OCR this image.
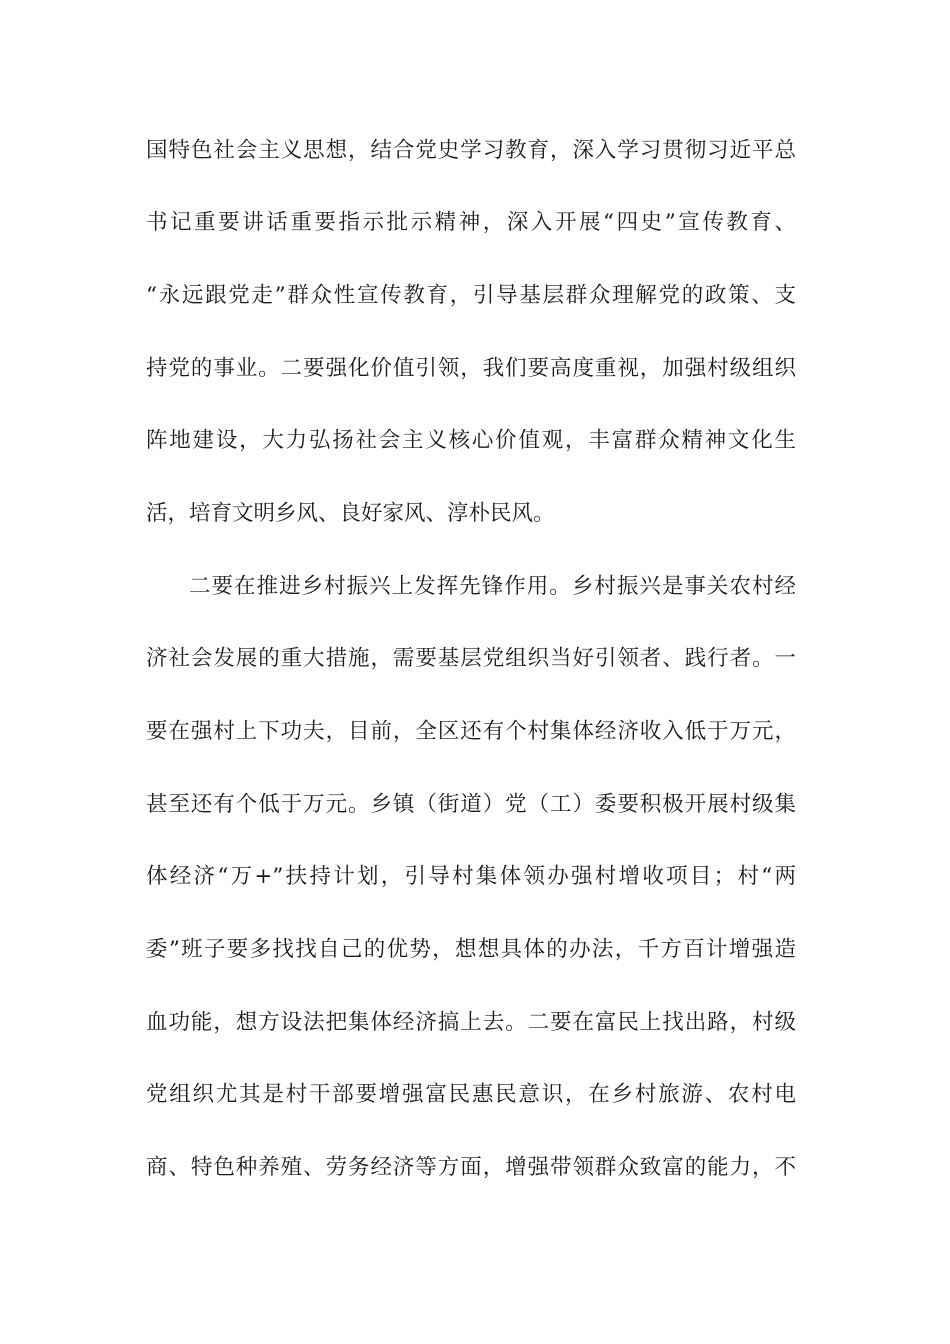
国特色社会主义思想，结合党史学习教育，深入学习贯彻习近平总
书记重要讲话重要指示批示精神，深入开展“四史”宣传教育、
“永远跟党走”群众性宣传教育，引导基层群众理解党的政策、支
持党的事业。二要强化价值引领，我们要高度重视，加强村级组织
阵地建设，大力弘扬社会主义核心价值观，丰富群众精神文化生
活，培育文明乡风、良好家风、淳朴民风。
二要在推进乡村振兴上发挥先锋作用。乡村振兴是事关农村经
济社会发展的重大措施，需要基层党组织当好引领者、践行者。一
要在强村上下功夫，目前，全区还有个村集体经济收入低于万元，
甚至还有个低于万元。乡镇（街道）党（工）委要积极开展村级集
体经济“万+”扶持计划，引导村集体领办强村增收项目；村“两
委”班子要多找找自己的优势，想想具体的办法，千方百计增强造
血功能，想方设法把集体经济搞上去。二要在富民上找出路，村级
党组织尤其是村干部要增强富民惠民意识，在乡村旅游、农村电
商、特色种养殖、劳务经济等方面，增强带领群众致富的能力，不
